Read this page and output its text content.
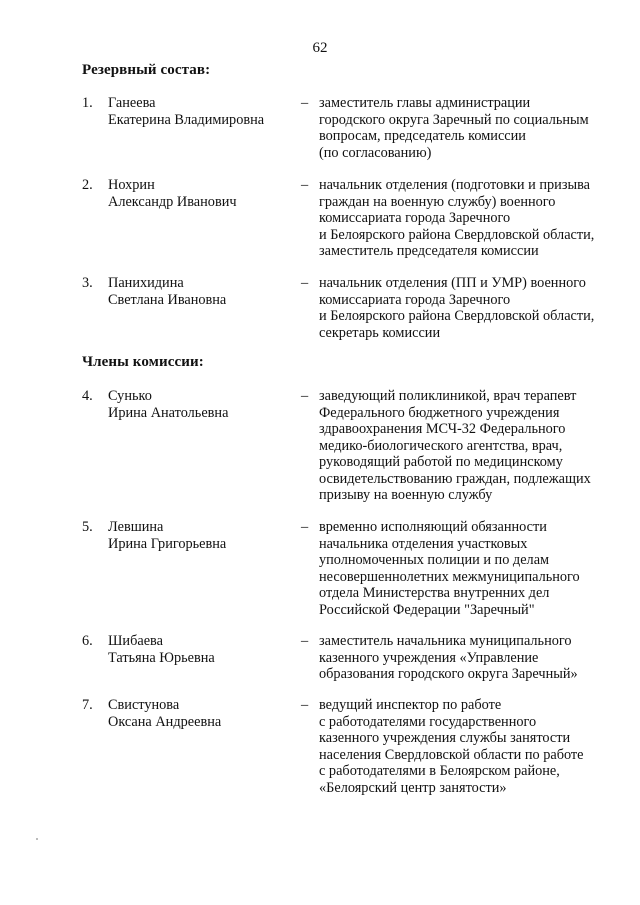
62
Резервный состав:
1.	Ганеева
Екатерина Владимировна
– заместитель главы администрации
городского округа Заречный по социальным
вопросам, председатель комиссии
(по согласованию)
2.	Нохрин
Александр Иванович
– начальник отделения (подготовки и призыва
граждан на военную службу) военного
комиссариата города Заречного
и Белоярского района Свердловской области,
заместитель председателя комиссии
3.	Панихидина
Светлана Ивановна
– начальник отделения (ПП и УМР) военного
комиссариата города Заречного
и Белоярского района Свердловской области,
секретарь комиссии
Члены комиссии:
4.	Сунько
Ирина Анатольевна
– заведующий поликлиникой, врач терапевт
Федерального бюджетного учреждения
здравоохранения МСЧ-32 Федерального
медико-биологического агентства, врач,
руководящий работой по медицинскому
освидетельствованию граждан, подлежащих
призыву на военную службу
5.	Левшина
Ирина Григорьевна
– временно исполняющий обязанности
начальника отделения участковых
уполномоченных полиции и по делам
несовершеннолетних межмуниципального
отдела Министерства внутренних дел
Российской Федерации "Заречный"
6.	Шибаева
Татьяна Юрьевна
– заместитель начальника муниципального
казенного учреждения «Управление
образования городского округа Заречный»
7.	Свистунова
Оксана Андреевна
– ведущий инспектор по работе
с работодателями государственного
казенного учреждения службы занятости
населения Свердловской области по работе
с работодателями в Белоярском районе,
«Белоярский центр занятости»
